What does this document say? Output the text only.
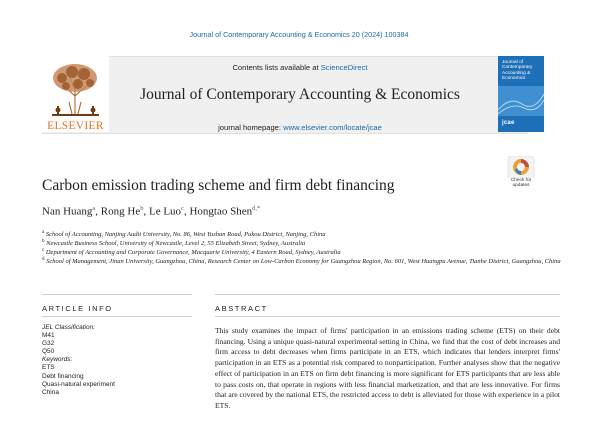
Journal of Contemporary Accounting & Economics 20 (2024) 100384
ELSEVIER
Contents lists available at ScienceDirect
Journal of Contemporary Accounting & Economics
journal homepage: www.elsevier.com/locate/jcae
Journal of Contemporary Accounting & Economics
jcae
Check for
updates
Carbon emission trading scheme and firm debt financing
Nan Huang$^a$, Rong He$^b$, Le Luo$^c$, Hongtao Shen$^{d,*}$
$^a$ School of Accounting, Nanjing Audit University, No. 86, West Yushan Road, Pukou District, Nanjing, China
$^b$ Newcastle Business School, University of Newcastle, Level 2, 55 Elizabeth Street, Sydney, Australia
$^c$ Department of Accounting and Corporate Governance, Macquarie University, 4 Eastern Road, Sydney, Australia
$^d$ School of Management, Jinan University, Guangzhou, China, Research Center on Low-Carbon Economy for Guangzhou Region, No. 601, West Huangpu Avenue, Tianhe District, Guangzhou, China
ARTICLE INFO	ABSTRACT
JEL Classification:
M41
G32
Q50
Keywords:
ETS
Debt financing
Quasi-natural experiment
China
This study examines the impact of firms' participation in an emissions trading scheme (ETS) on their debt financing. Using a unique quasi-natural experimental setting in China, we find that the cost of debt increases and firm access to debt decreases when firms participate in an ETS, which indicates that lenders interpret firms' participation in an ETS as a potential risk compared to nonparticipation. Further analyses show that the negative effect of participation in an ETS on firm debt financing is more significant for ETS participants that are less able to pass costs on, that operate in regions with less financial marketization, and that are less innovative. For firms that are covered by the national ETS, the restricted access to debt is alleviated for those with experience in a pilot ETS.
